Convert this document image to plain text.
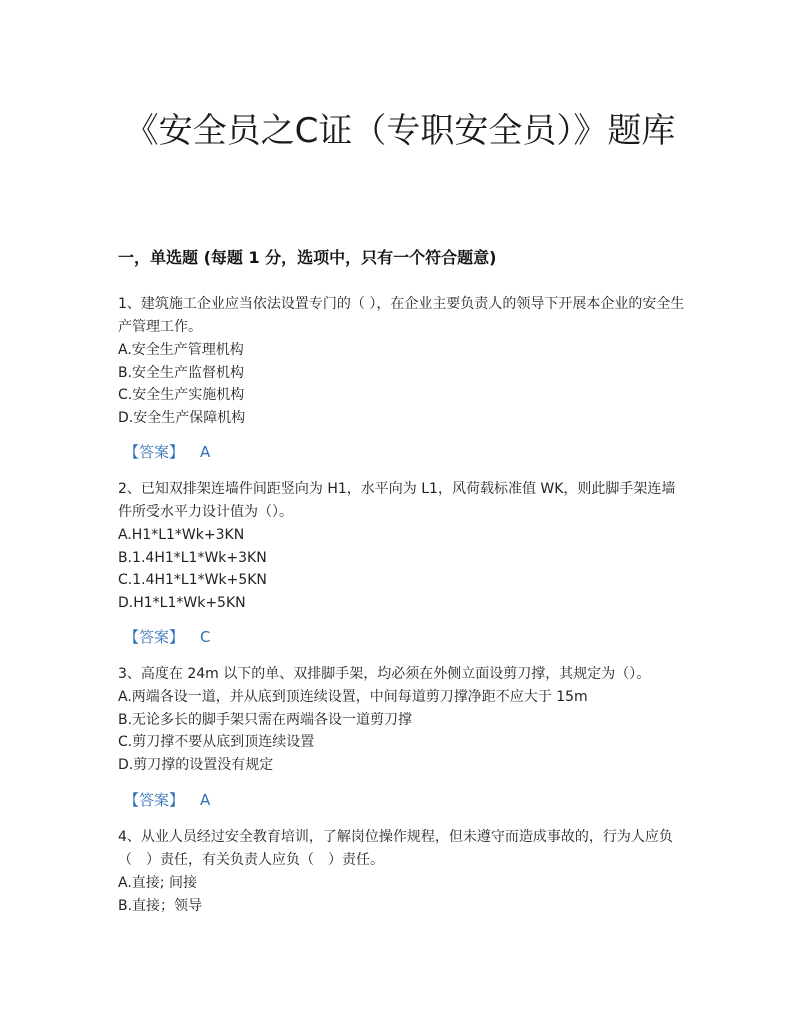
《安全员之C证（专职安全员）》题库
一，单选题 (每题 1 分，选项中，只有一个符合题意)

1、建筑施工企业应当依法设置专门的（ ），在企业主要负责人的领导下开展本企业的安全生产管理工作。

A.安全生产管理机构

B.安全生产监督机构

C.安全生产实施机构

D.安全生产保障机构

【答案】 A

2、已知双排架连墙件间距竖向为 H1，水平向为 L1，风荷载标准值 WK，则此脚手架连墙件所受水平力设计值为（）。

A.H1*L1*Wk+3KN

B.1.4H1*L1*Wk+3KN

C.1.4H1*L1*Wk+5KN

D.H1*L1*Wk+5KN

【答案】 C

3、高度在 24m 以下的单、双排脚手架，均必须在外侧立面设剪刀撑，其规定为（）。

A.两端各设一道，并从底到顶连续设置，中间每道剪刀撑净距不应大于 15m

B.无论多长的脚手架只需在两端各设一道剪刀撑

C.剪刀撑不要从底到顶连续设置

D.剪刀撑的设置没有规定

【答案】 A

4、从业人员经过安全教育培训，了解岗位操作规程，但未遵守而造成事故的，行为人应负（　）责任，有关负责人应负（　）责任。

A.直接; 间接

B.直接；领导
